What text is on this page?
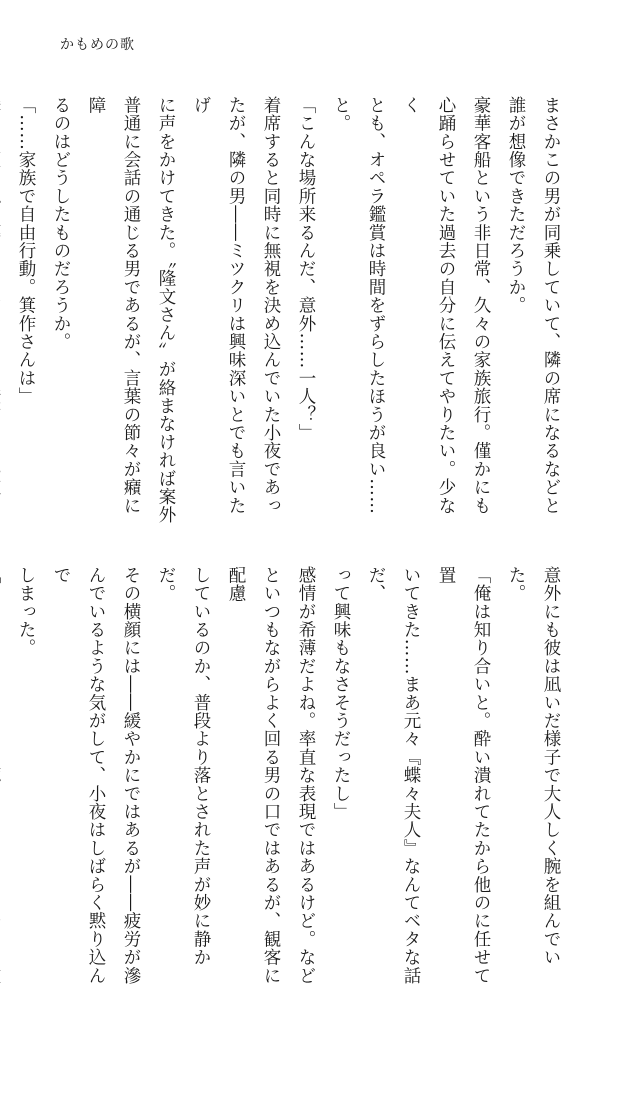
かもめの歌

まさかこの男が同乗していて、隣の席になるなどと
誰が想像できただろうか。

豪華客船という非日常、久々の家族旅行。僅かにも
心踊らせていた過去の自分に伝えてやりたい。少なく
とも、オペラ鑑賞は時間をずらしたほうが良い……と。

「こんな場所来るんだ、意外……一人？」

着席すると同時に無視を決め込んでいた小夜であっ
たが、隣の男――ミツクリは興味深いとでも言いたげ
に声をかけてきた。〝隆文さん〟が絡まなければ案外
普通に会話の通じる男であるが、言葉の節々が癪に障
るのはどうしたものだろうか。

「……家族で自由行動。箕作さんは」

意外にも彼は凪いだ様子で大人しく腕を組んでいた。

「俺は知り合いと。酔い潰れてたから他のに任せて置
いてきた……まあ元々『蝶々夫人』なんてベタな話だ、
って興味もなさそうだったし」

感情が希薄だよね。率直な表現ではあるけど。など
といつもながらよく回る男の口ではあるが、観客に配慮
しているのか、普段より落とされた声が妙に静かだ。
その横顔には――緩やかにではあるが――疲労が滲
んでいるような気がして、小夜はしばらく黙り込んで
しまった。
